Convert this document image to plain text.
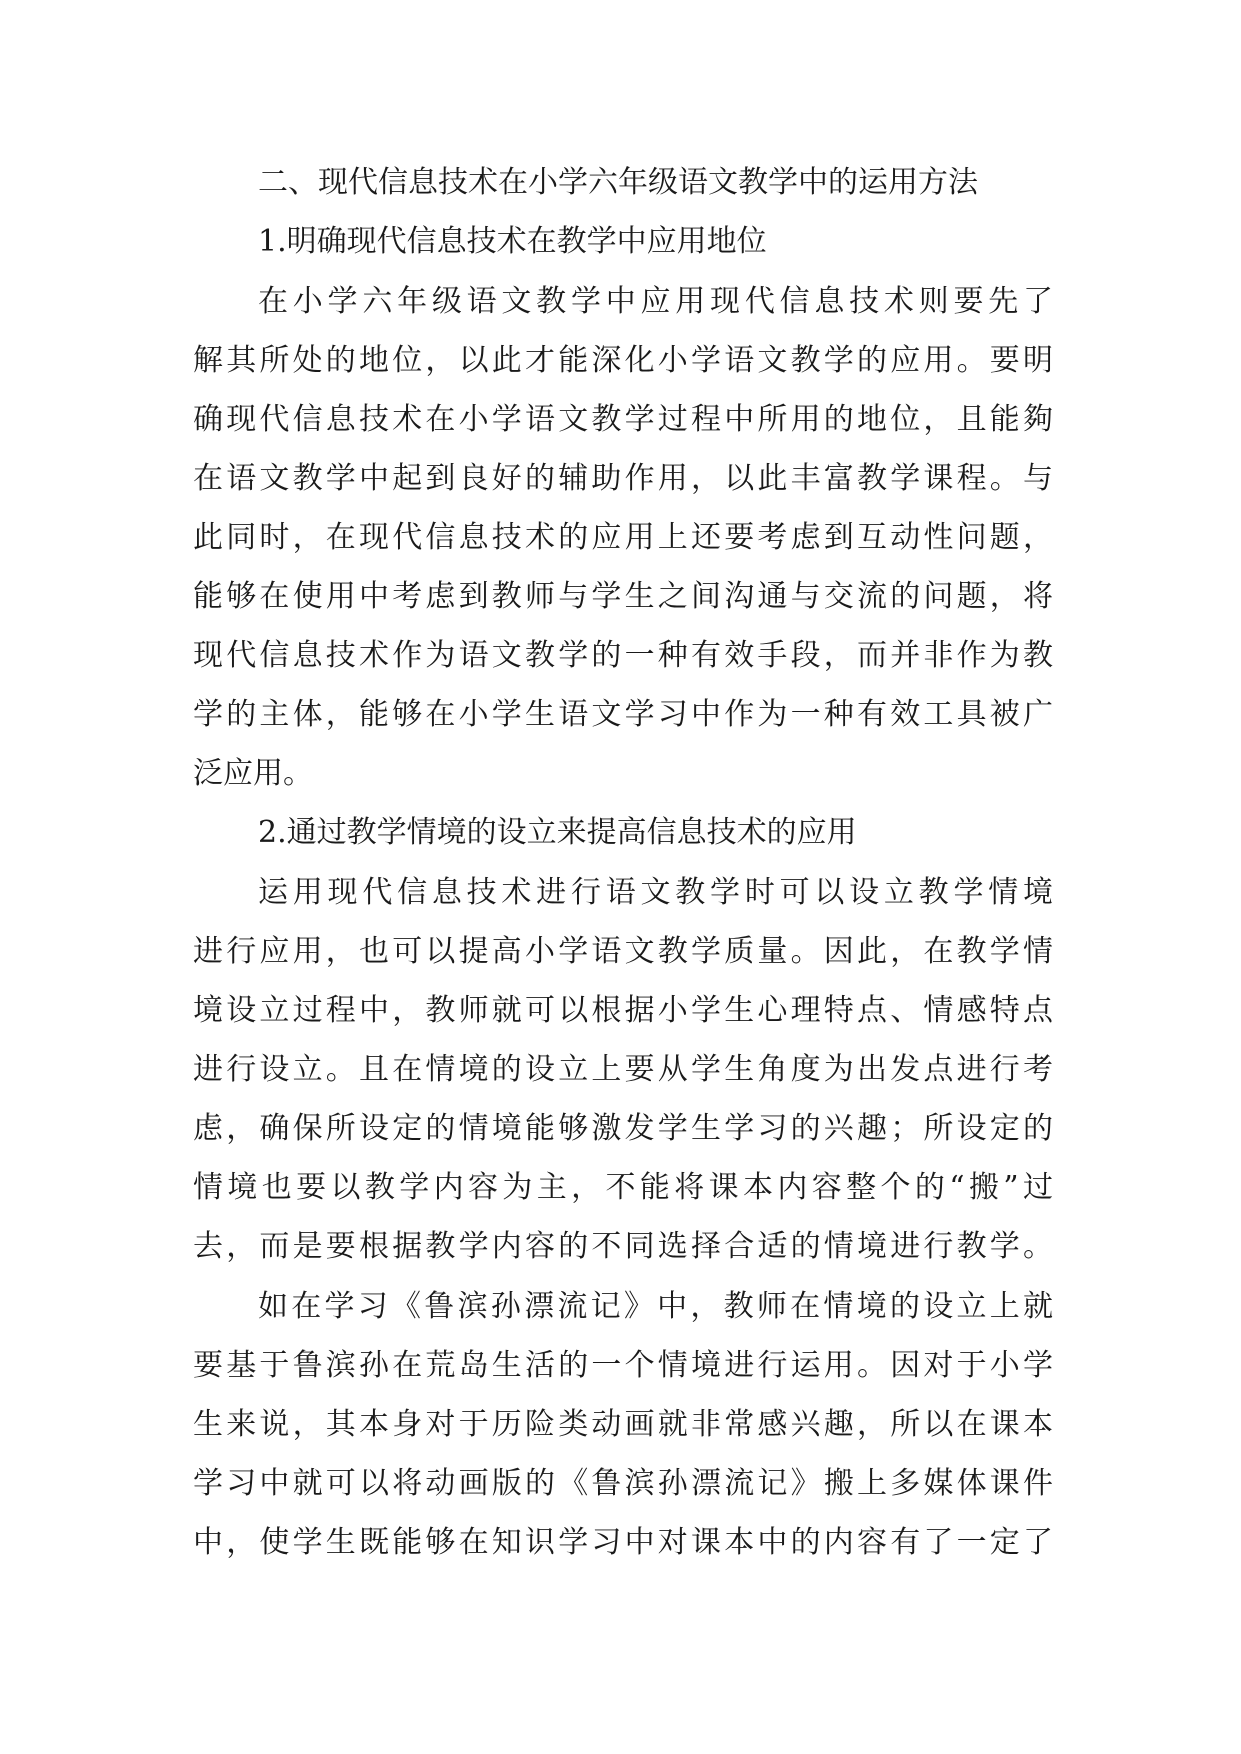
二、现代信息技术在小学六年级语文教学中的运用方法
1.明确现代信息技术在教学中应用地位
在小学六年级语文教学中应用现代信息技术则要先了
解其所处的地位，以此才能深化小学语文教学的应用。要明
确现代信息技术在小学语文教学过程中所用的地位，且能夠
在语文教学中起到良好的辅助作用，以此丰富教学课程。与
此同时，在现代信息技术的应用上还要考虑到互动性问题，
能够在使用中考虑到教师与学生之间沟通与交流的问题，将
现代信息技术作为语文教学的一种有效手段，而并非作为教
学的主体，能够在小学生语文学习中作为一种有效工具被广
泛应用。
2.通过教学情境的设立来提高信息技术的应用
运用现代信息技术进行语文教学时可以设立教学情境
进行应用，也可以提高小学语文教学质量。因此，在教学情
境设立过程中，教师就可以根据小学生心理特点、情感特点
进行设立。且在情境的设立上要从学生角度为出发点进行考
虑，确保所设定的情境能够激发学生学习的兴趣；所设定的
情境也要以教学内容为主，不能将课本内容整个的“搬”过
去，而是要根据教学内容的不同选择合适的情境进行教学。
如在学习《鲁滨孙漂流记》中，教师在情境的设立上就
要基于鲁滨孙在荒岛生活的一个情境进行运用。因对于小学
生来说，其本身对于历险类动画就非常感兴趣，所以在课本
学习中就可以将动画版的《鲁滨孙漂流记》搬上多媒体课件
中，使学生既能够在知识学习中对课本中的内容有了一定了
